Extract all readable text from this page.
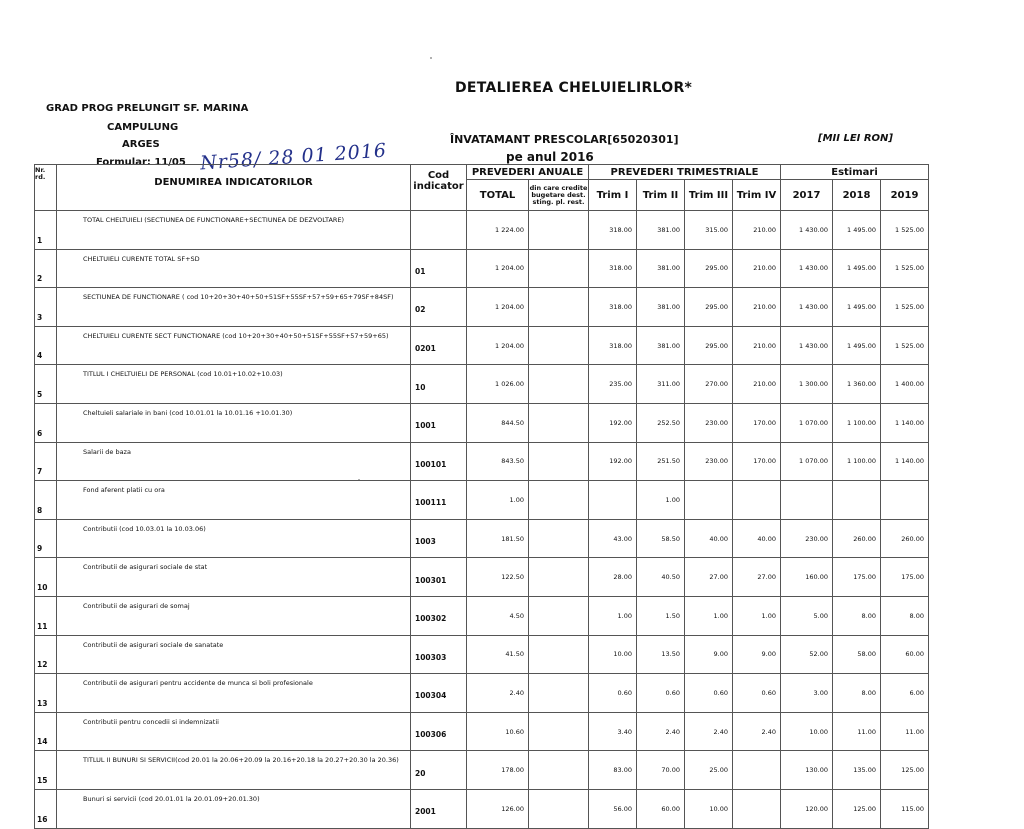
DETALIEREA CHELUIELIRLOR*
GRAD PROG PRELUNGIT SF. MARINA
CAMPULUNG
ARGES
Formular: 11/05 Nr58/ 28 01 2016
ÎNVATAMANT PRESCOLAR[65020301]
pe anul 2016
[MII LEI RON]
Nr. rd.	DENUMIREA INDICATORILOR	Cod indicator	PREVEDERI ANUALE		PREVEDERI TRIMESTRIALE				Estimari		
			TOTAL	din care credite bugetare dest. sting. pl. rest.	Trim I	Trim II	Trim III	Trim IV	2017	2018	2019
1	TOTAL CHELTUIELI (SECTIUNEA DE FUNCTIONARE+SECTIUNEA DE DEZVOLTARE)		1 224.00		318.00	381.00	315.00	210.00	1 430.00	1 495.00	1 525.00
2	CHELTUIELI CURENTE TOTAL SF+SD	01	1 204.00		318.00	381.00	295.00	210.00	1 430.00	1 495.00	1 525.00
3	SECTIUNEA DE FUNCTIONARE ( cod 10+20+30+40+50+51SF+55SF+57+59+65+79SF+84SF)	02	1 204.00		318.00	381.00	295.00	210.00	1 430.00	1 495.00	1 525.00
4	CHELTUIELI CURENTE SECT FUNCTIONARE (cod 10+20+30+40+50+51SF+55SF+57+59+65)	0201	1 204.00		318.00	381.00	295.00	210.00	1 430.00	1 495.00	1 525.00
5	TITLUL I CHELTUIELI DE PERSONAL (cod 10.01+10.02+10.03)	10	1 026.00		235.00	311.00	270.00	210.00	1 300.00	1 360.00	1 400.00
6	Cheltuieli salariale in bani (cod 10.01.01 la 10.01.16 +10.01.30)	1001	844.50		192.00	252.50	230.00	170.00	1 070.00	1 100.00	1 140.00
7	Salarii de baza	100101	843.50		192.00	251.50	230.00	170.00	1 070.00	1 100.00	1 140.00
8	Fond aferent platii cu ora	100111	1.00			1.00					
9	Contributii (cod 10.03.01 la 10.03.06)	1003	181.50		43.00	58.50	40.00	40.00	230.00	260.00	260.00
10	Contributii de asigurari sociale de stat	100301	122.50		28.00	40.50	27.00	27.00	160.00	175.00	175.00
11	Contributii de asigurari de somaj	100302	4.50		1.00	1.50	1.00	1.00	5.00	8.00	8.00
12	Contributii de asigurari sociale de sanatate	100303	41.50		10.00	13.50	9.00	9.00	52.00	58.00	60.00
13	Contributii de asigurari pentru accidente de munca si boli profesionale	100304	2.40		0.60	0.60	0.60	0.60	3.00	8.00	6.00
14	Contributii pentru concedii si indemnizatii	100306	10.60		3.40	2.40	2.40	2.40	10.00	11.00	11.00
15	TITLUL II BUNURI SI SERVICII(cod 20.01 la 20.06+20.09 la 20.16+20.18 la 20.27+20.30 la 20.36)	20	178.00		83.00	70.00	25.00		130.00	135.00	125.00
16	Bunuri si servicii (cod 20.01.01 la 20.01.09+20.01.30)	2001	126.00		56.00	60.00	10.00		120.00	125.00	115.00
